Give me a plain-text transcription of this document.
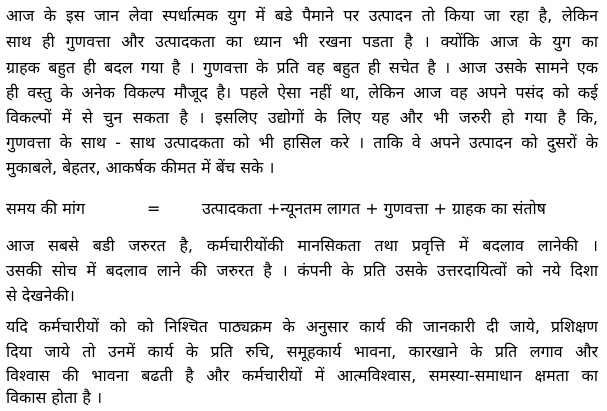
आज के इस जान लेवा स्पर्धात्मक युग में बडे पैमाने पर उत्पादन तो किया जा रहा है, लेकिन
साथ ही गुणवत्ता और उत्पादकता का ध्यान भी रखना पडता है । क्योंकि आज के युग का
ग्राहक बहुत ही बदल गया है । गुणवत्ता के प्रति वह बहुत ही सचेत है । आज उसके सामने एक
ही वस्तु के अनेक विकल्प मौजूद है। पहले ऐसा नहीं था, लेकिन आज वह अपने पसंद को कई
विकल्पों में से चुन सकता है । इसलिए उद्योगों के लिए यह और भी जरुरी हो गया है कि,
गुणवत्ता के साथ - साथ उत्पादकता को भी हासिल करे । ताकि वे अपने उत्पादन को दुसरों के
मुकाबले, बेहतर, आकर्षक कीमत में बेंच सके ।
समय की मांग	=	उत्पादकता +न्यूनतम लागत + गुणवत्ता + ग्राहक का संतोष
आज सबसे बडी जरुरत है, कर्मचारीयोंकी मानसिकता तथा प्रवृत्ति में बदलाव लानेकी ।
उसकी सोच में बदलाव लाने की जरुरत है । कंपनी के प्रति उसके उत्तरदायित्वों को नये दिशा
से देखनेकी।
यदि कर्मचारीयों को को निश्चित पाठ्यक्रम के अनुसार कार्य की जानकारी दी जाये, प्रशिक्षण
दिया जाये तो उनमें कार्य के प्रति रुचि, समूहकार्य भावना, कारखाने के प्रति लगाव और
विश्वास की भावना बढती है और कर्मचारीयों में आत्मविश्वास, समस्या-समाधान क्षमता का
विकास होता है ।
